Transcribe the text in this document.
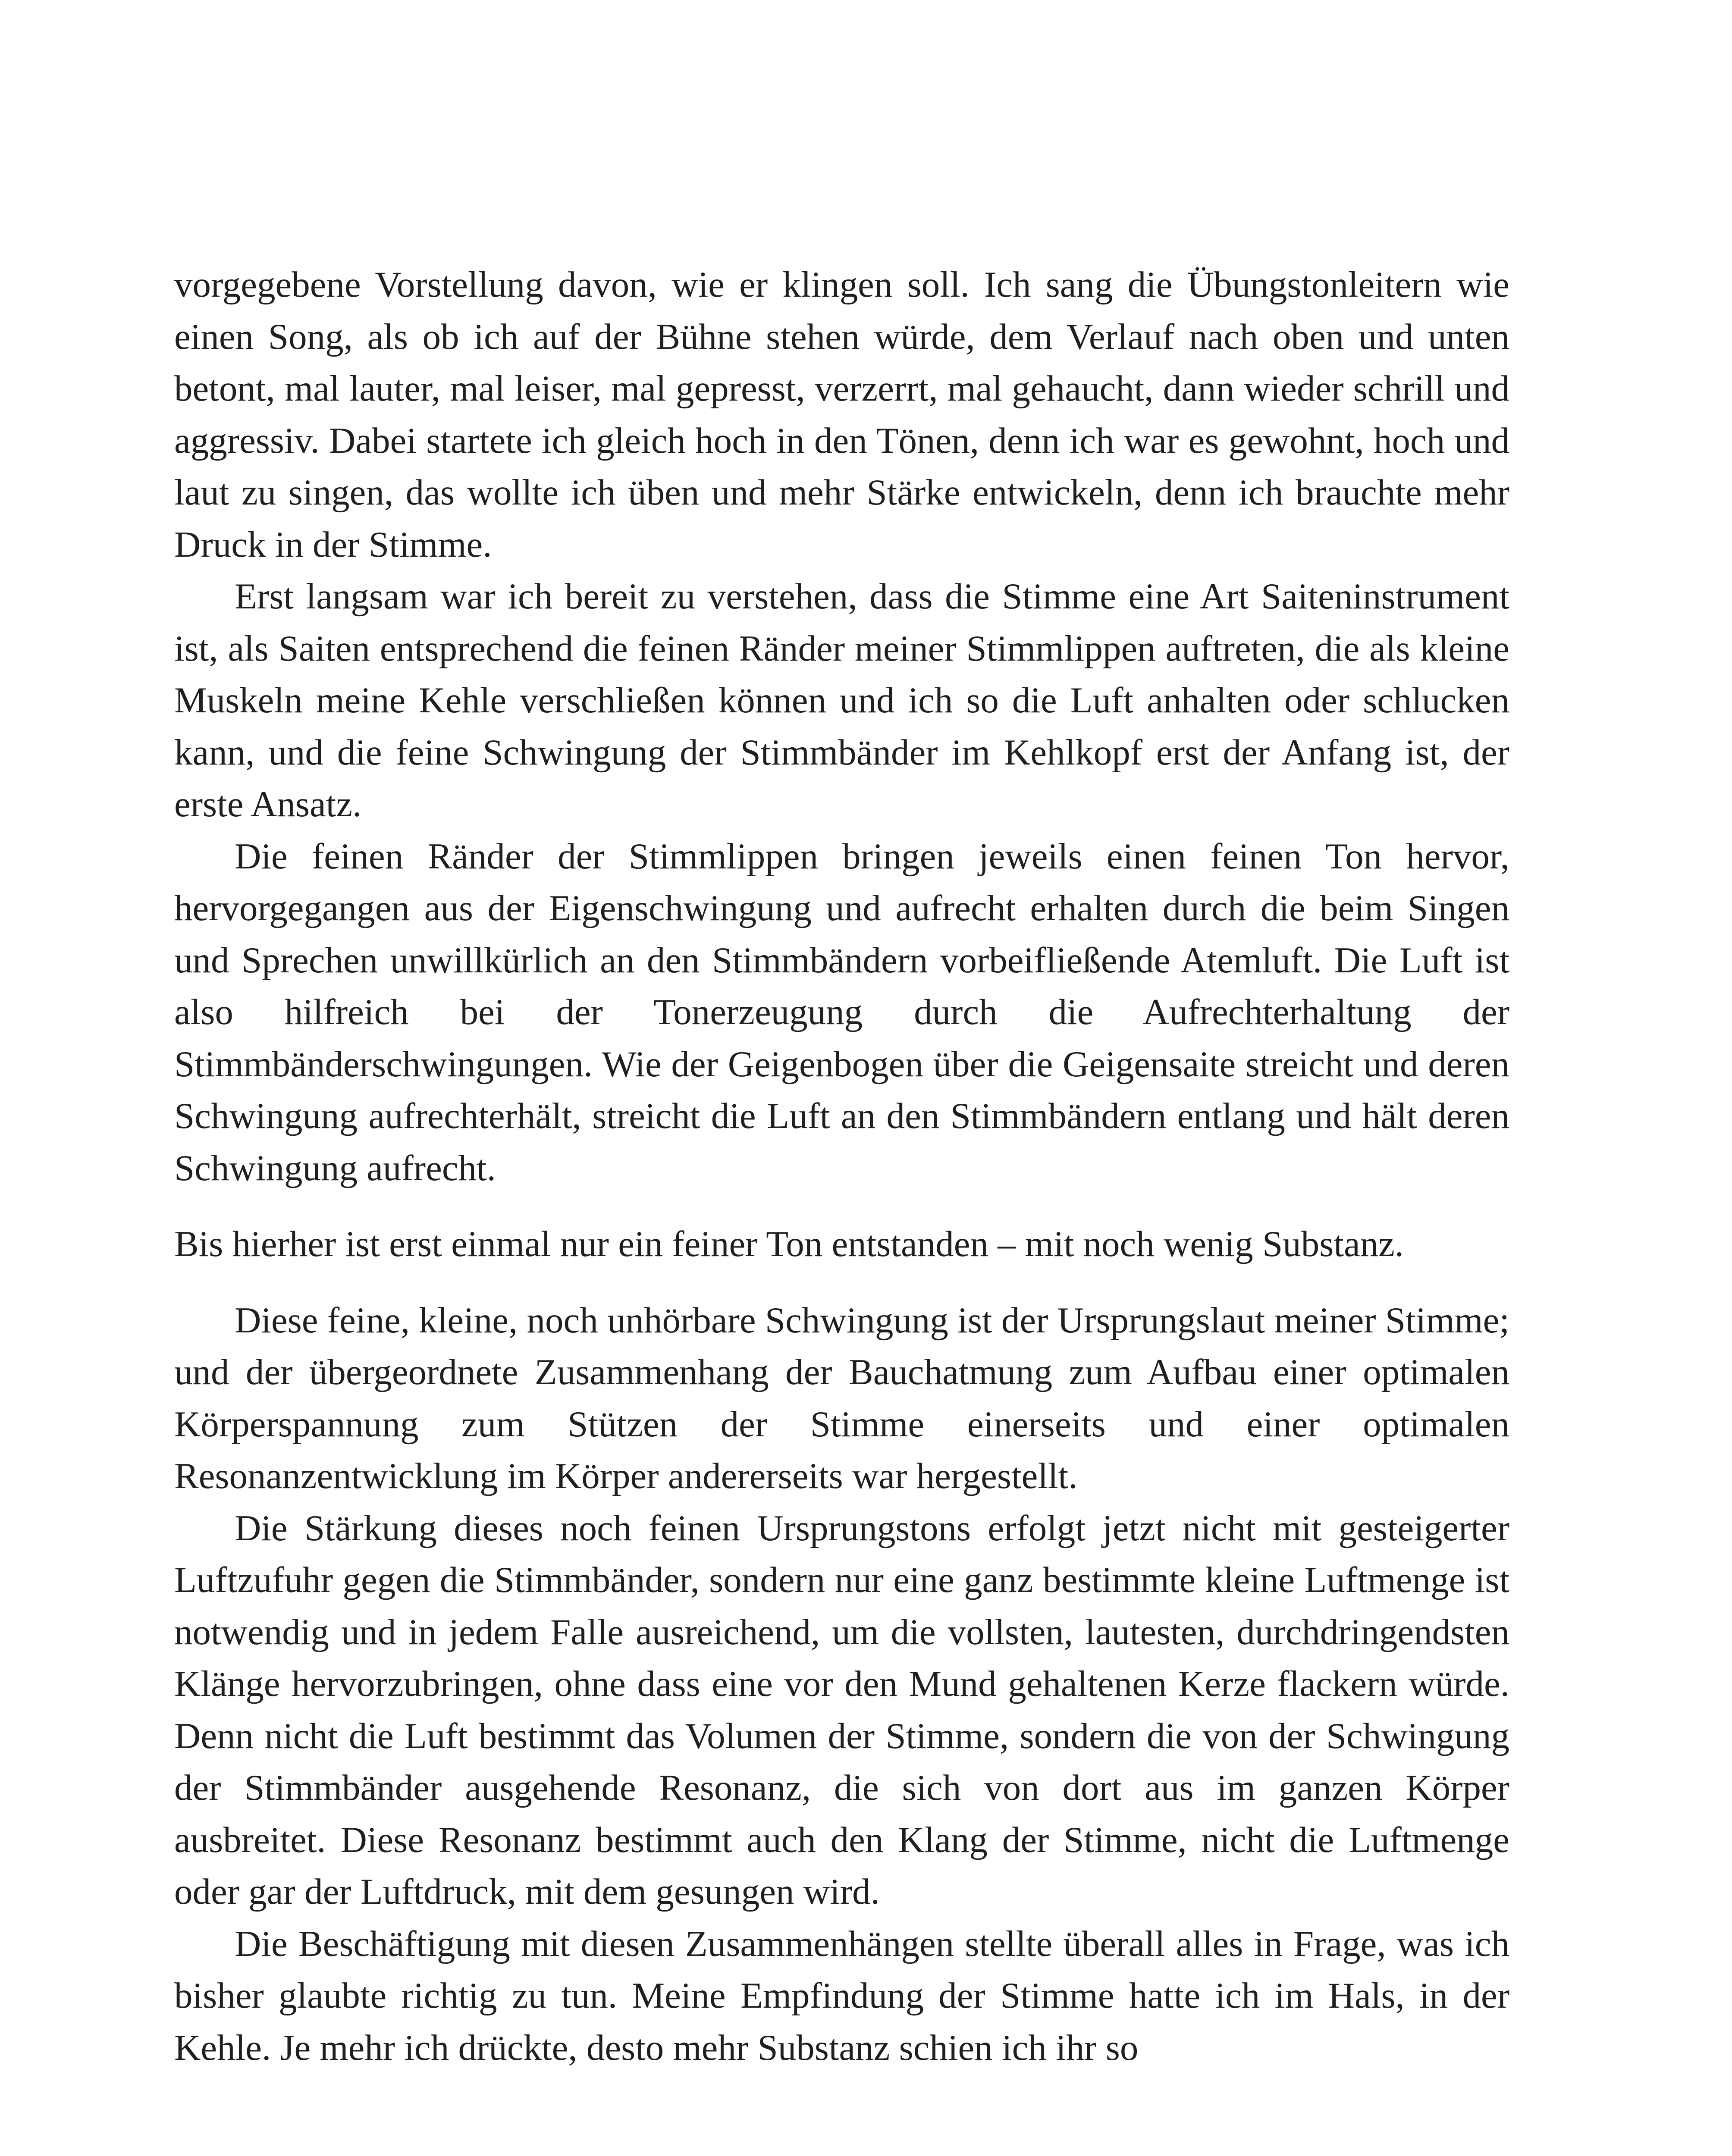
vorgegebene Vorstellung davon, wie er klingen soll. Ich sang die Übungstonleitern wie einen Song, als ob ich auf der Bühne stehen würde, dem Verlauf nach oben und unten betont, mal lauter, mal leiser, mal gepresst, verzerrt, mal gehaucht, dann wieder schrill und aggressiv. Dabei startete ich gleich hoch in den Tönen, denn ich war es gewohnt, hoch und laut zu singen, das wollte ich üben und mehr Stärke entwickeln, denn ich brauchte mehr Druck in der Stimme.

Erst langsam war ich bereit zu verstehen, dass die Stimme eine Art Saiteninstrument ist, als Saiten entsprechend die feinen Ränder meiner Stimmlippen auftreten, die als kleine Muskeln meine Kehle verschließen können und ich so die Luft anhalten oder schlucken kann, und die feine Schwingung der Stimmbänder im Kehlkopf erst der Anfang ist, der erste Ansatz.

Die feinen Ränder der Stimmlippen bringen jeweils einen feinen Ton hervor, hervorgegangen aus der Eigenschwingung und aufrecht erhalten durch die beim Singen und Sprechen unwillkürlich an den Stimmbändern vorbeifließende Atemluft. Die Luft ist also hilfreich bei der Tonerzeugung durch die Aufrechterhaltung der Stimmbänderschwingungen. Wie der Geigenbogen über die Geigensaite streicht und deren Schwingung aufrechterhält, streicht die Luft an den Stimmbändern entlang und hält deren Schwingung aufrecht.

Bis hierher ist erst einmal nur ein feiner Ton entstanden – mit noch wenig Substanz.

Diese feine, kleine, noch unhörbare Schwingung ist der Ursprungslaut meiner Stimme; und der übergeordnete Zusammenhang der Bauchatmung zum Aufbau einer optimalen Körperspannung zum Stützen der Stimme einerseits und einer optimalen Resonanzentwicklung im Körper andererseits war hergestellt.

Die Stärkung dieses noch feinen Ursprungstons erfolgt jetzt nicht mit gesteigerter Luftzufuhr gegen die Stimmbänder, sondern nur eine ganz bestimmte kleine Luftmenge ist notwendig und in jedem Falle ausreichend, um die vollsten, lautesten, durchdringendsten Klänge hervorzubringen, ohne dass eine vor den Mund gehaltenen Kerze flackern würde. Denn nicht die Luft bestimmt das Volumen der Stimme, sondern die von der Schwingung der Stimmbänder ausgehende Resonanz, die sich von dort aus im ganzen Körper ausbreitet. Diese Resonanz bestimmt auch den Klang der Stimme, nicht die Luftmenge oder gar der Luftdruck, mit dem gesungen wird.

Die Beschäftigung mit diesen Zusammenhängen stellte überall alles in Frage, was ich bisher glaubte richtig zu tun. Meine Empfindung der Stimme hatte ich im Hals, in der Kehle. Je mehr ich drückte, desto mehr Substanz schien ich ihr so
